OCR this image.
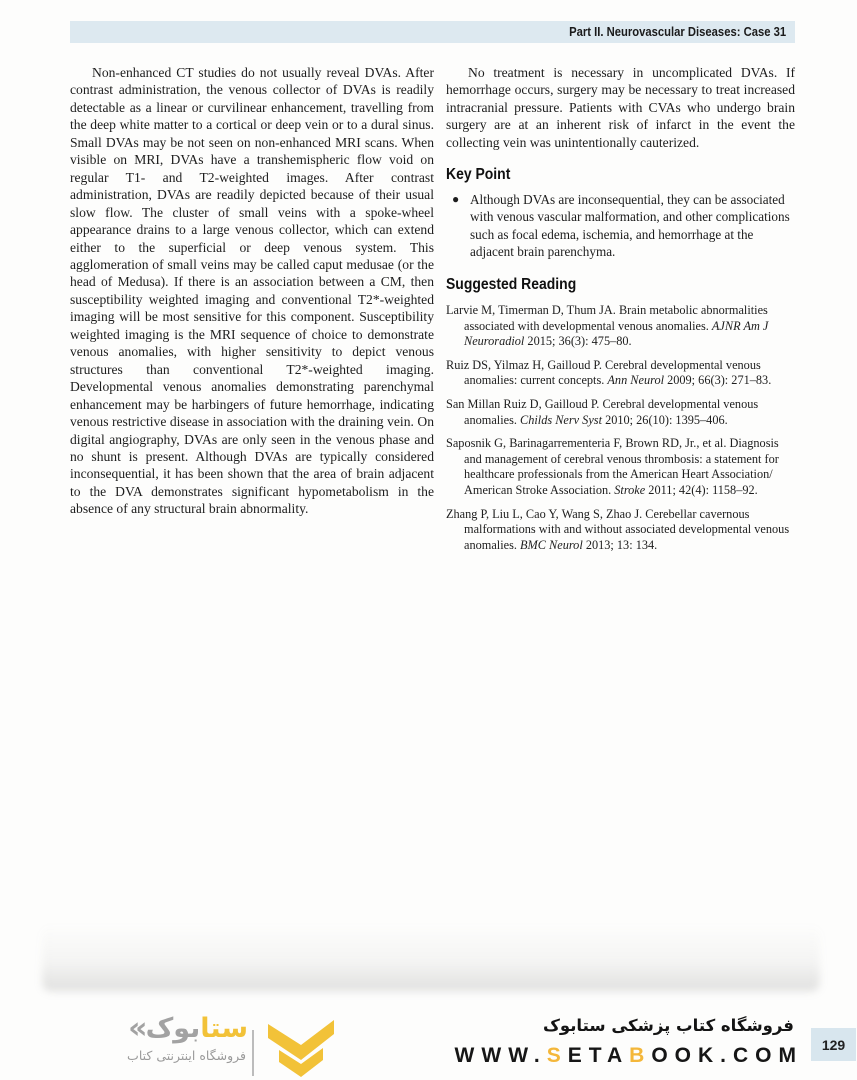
Part II. Neurovascular Diseases: Case 31

Non-enhanced CT studies do not usually reveal DVAs. After contrast administration, the venous collector of DVAs is readily detectable as a linear or curvilinear enhancement, travelling from the deep white matter to a cortical or deep vein or to a dural sinus. Small DVAs may be not seen on non-enhanced MRI scans. When visible on MRI, DVAs have a transhemispheric flow void on regular T1- and T2-weighted images. After contrast administration, DVAs are readily depicted because of their usual slow flow. The cluster of small veins with a spoke-wheel appearance drains to a large venous collector, which can extend either to the superficial or deep venous system. This agglomeration of small veins may be called caput medusae (or the head of Medusa). If there is an association between a CM, then susceptibility weighted imaging and conventional T2*-weighted imaging will be most sensitive for this component. Susceptibility weighted imaging is the MRI sequence of choice to demonstrate venous anomalies, with higher sensitivity to depict venous structures than conventional T2*-weighted imaging. Developmental venous anomalies demonstrating parenchymal enhancement may be harbingers of future hemorrhage, indicating venous restrictive disease in association with the draining vein. On digital angiography, DVAs are only seen in the venous phase and no shunt is present. Although DVAs are typically considered inconsequential, it has been shown that the area of brain adjacent to the DVA demonstrates significant hypometabolism in the absence of any structural brain abnormality.

No treatment is necessary in uncomplicated DVAs. If hemorrhage occurs, surgery may be necessary to treat increased intracranial pressure. Patients with CVAs who undergo brain surgery are at an inherent risk of infarct in the event the collecting vein was unintentionally cauterized.

Key Point
● Although DVAs are inconsequential, they can be associated with venous vascular malformation, and other complications such as focal edema, ischemia, and hemorrhage at the adjacent brain parenchyma.
Suggested Reading

Larvie M, Timerman D, Thum JA. Brain metabolic abnormalities associated with developmental venous anomalies. AJNR Am J Neuroradiol 2015; 36(3): 475–80.

Ruiz DS, Yilmaz H, Gailloud P. Cerebral developmental venous anomalies: current concepts. Ann Neurol 2009; 66(3): 271–83.

San Millan Ruiz D, Gailloud P. Cerebral developmental venous anomalies. Childs Nerv Syst 2010; 26(10): 1395–406.

Saposnik G, Barinagarrementeria F, Brown RD, Jr., et al. Diagnosis and management of cerebral venous thrombosis: a statement for healthcare professionals from the American Heart Association/ American Stroke Association. Stroke 2011; 42(4): 1158–92.

Zhang P, Liu L, Cao Y, Wang S, Zhao J. Cerebellar cavernous malformations with and without associated developmental venous anomalies. BMC Neurol 2013; 13: 134.

« بوک ستا
فروشگاه اینترنتی کتاب
فروشگاه کتاب پزشکی ستابوک
WWW.SETABOOK.COM 129
